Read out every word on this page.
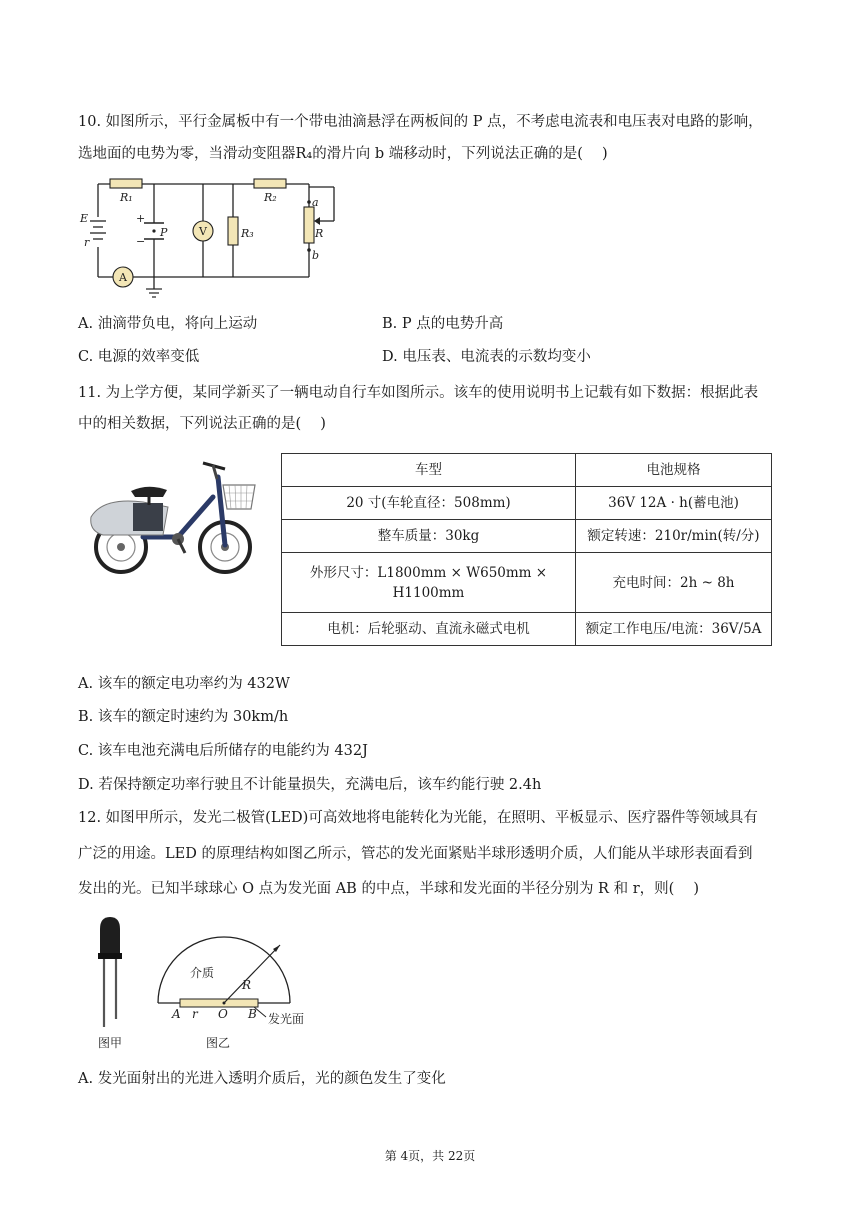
10. 如图所示，平行金属板中有一个带电油滴悬浮在两板间的 P 点，不考虑电流表和电压表对电路的影响，
选地面的电势为零，当滑动变阻器R₄的滑片向 b 端移动时，下列说法正确的是(　 )
R₁	R₂
R₃	R
a
b
E
r
P
+
−
V
A
A. 油滴带负电，将向上运动	B. P 点的电势升高
C. 电源的效率变低	D. 电压表、电流表的示数均变小
11. 为上学方便，某同学新买了一辆电动自行车如图所示。该车的使用说明书上记载有如下数据：根据此表
中的相关数据，下列说法正确的是(　 )
车型	电池规格
20 寸(车轮直径：508mm)	36V 12A · h(蓄电池)
整车质量：30kg	额定转速：210r/min(转/分)

外形尺寸：L1800mm × W650mm ×
H1100mm	充电时间：2h ~ 8h
电机：后轮驱动、直流永磁式电机	额定工作电压/电流：36V/5A
A. 该车的额定电功率约为 432W
B. 该车的额定时速约为 30km/h
C. 该车电池充满电后所储存的电能约为 432J
D. 若保持额定功率行驶且不计能量损失，充满电后，该车约能行驶 2.4h
12. 如图甲所示，发光二极管(LED)可高效地将电能转化为光能，在照明、平板显示、医疗器件等领域具有
广泛的用途。LED 的原理结构如图乙所示，管芯的发光面紧贴半球形透明介质，人们能从半球形表面看到
发出的光。已知半球球心 O 点为发光面 AB 的中点，半球和发光面的半径分别为 R 和 r，则(　 )
图甲
介质
R
A r O B 发光面
图乙
A. 发光面射出的光进入透明介质后，光的颜色发生了变化
第 4页，共 22页
